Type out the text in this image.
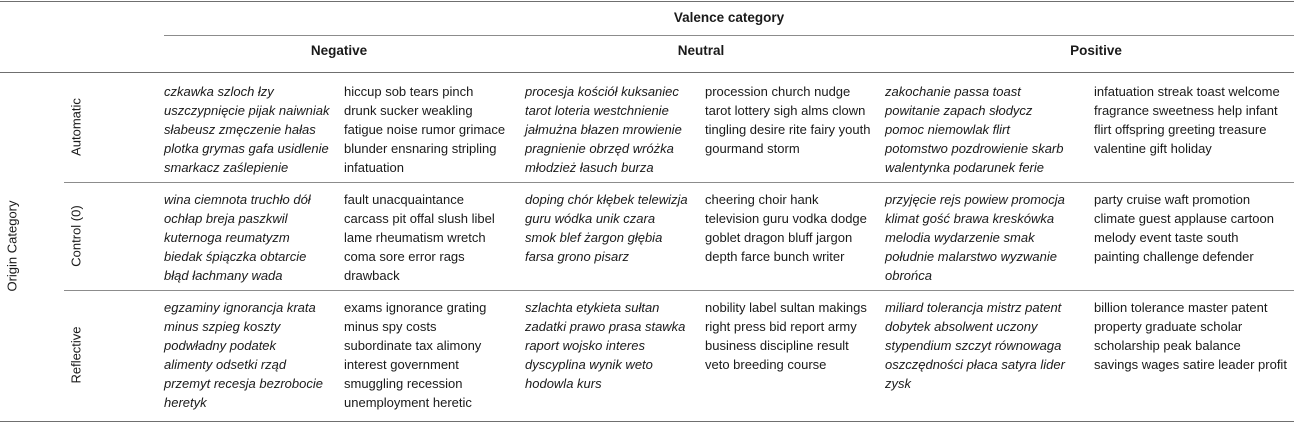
Valence category
Negative	Neutral	Positive
Origin Category
Automatic
Control (0)
Reflective
czkawka szloch łzy
uszczypnięcie pijak naiwniak
słabeusz zmęczenie hałas
plotka grymas gafa usidlenie
smarkacz zaślepienie
hiccup sob tears pinch
drunk sucker weakling
fatigue noise rumor grimace
blunder ensnaring stripling
infatuation
procesja kościół kuksaniec
tarot loteria westchnienie
jałmużna błazen mrowienie
pragnienie obrzęd wróżka
młodzież łasuch burza
procession church nudge
tarot lottery sigh alms clown
tingling desire rite fairy youth
gourmand storm
zakochanie passa toast
powitanie zapach słodycz
pomoc niemowlak flirt
potomstwo pozdrowienie skarb
walentynka podarunek ferie
infatuation streak toast welcome
fragrance sweetness help infant
flirt offspring greeting treasure
valentine gift holiday
wina ciemnota truchło dół
ochłap breja paszkwil
kuternoga reumatyzm
biedak śpiączka obtarcie
błąd łachmany wada
fault unacquaintance
carcass pit offal slush libel
lame rheumatism wretch
coma sore error rags
drawback
doping chór kłębek telewizja
guru wódka unik czara
smok blef żargon głębia
farsa grono pisarz
cheering choir hank
television guru vodka dodge
goblet dragon bluff jargon
depth farce bunch writer
przyjęcie rejs powiew promocja
klimat gość brawa kreskówka
melodia wydarzenie smak
południe malarstwo wyzwanie
obrońca
party cruise waft promotion
climate guest applause cartoon
melody event taste south
painting challenge defender
egzaminy ignorancja krata
minus szpieg koszty
podwładny podatek
alimenty odsetki rząd
przemyt recesja bezrobocie
heretyk
exams ignorance grating
minus spy costs
subordinate tax alimony
interest government
smuggling recession
unemployment heretic
szlachta etykieta sułtan
zadatki prawo prasa stawka
raport wojsko interes
dyscyplina wynik weto
hodowla kurs
nobility label sultan makings
right press bid report army
business discipline result
veto breeding course
miliard tolerancja mistrz patent
dobytek absolwent uczony
stypendium szczyt równowaga
oszczędności płaca satyra lider
zysk
billion tolerance master patent
property graduate scholar
scholarship peak balance
savings wages satire leader profit
